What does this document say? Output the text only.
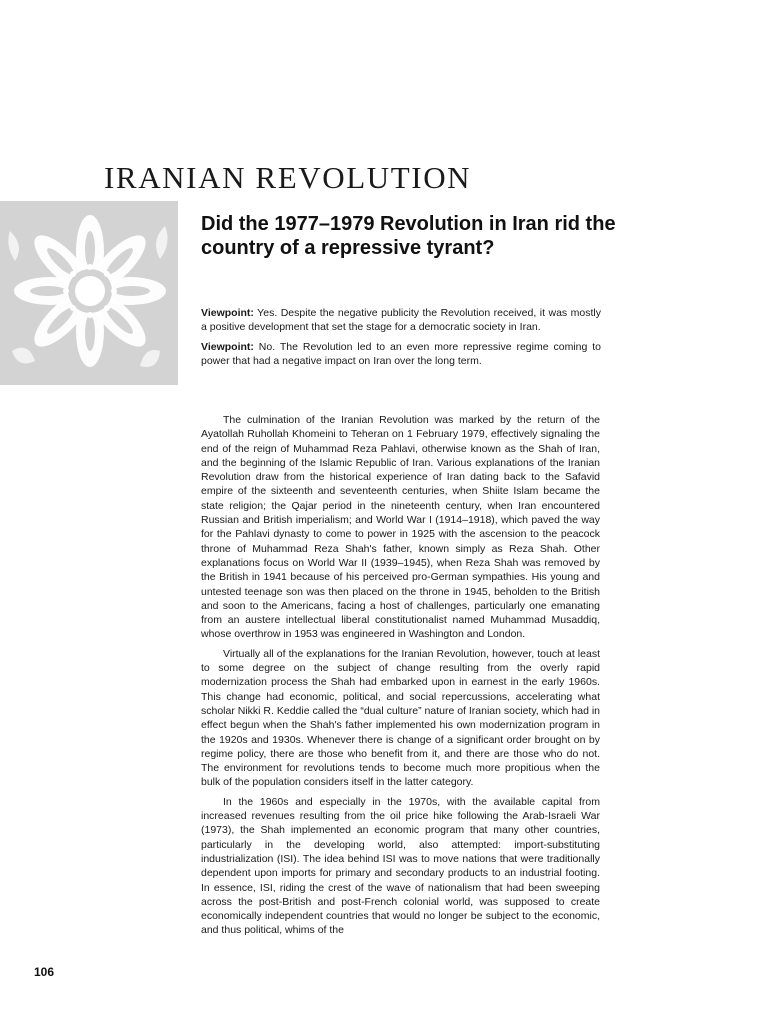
IRANIAN REVOLUTION
Did the 1977–1979 Revolution in Iran rid the country of a repressive tyrant?

Viewpoint: Yes. Despite the negative publicity the Revolution received, it was mostly a positive development that set the stage for a democratic society in Iran.

Viewpoint: No. The Revolution led to an even more repressive regime coming to power that had a negative impact on Iran over the long term.

The culmination of the Iranian Revolution was marked by the return of the Ayatollah Ruhollah Khomeini to Teheran on 1 February 1979, effectively signaling the end of the reign of Muhammad Reza Pahlavi, otherwise known as the Shah of Iran, and the beginning of the Islamic Republic of Iran. Various explanations of the Iranian Revolution draw from the historical experience of Iran dating back to the Safavid empire of the sixteenth and seventeenth centuries, when Shiite Islam became the state religion; the Qajar period in the nineteenth century, when Iran encountered Russian and British imperialism; and World War I (1914–1918), which paved the way for the Pahlavi dynasty to come to power in 1925 with the ascension to the peacock throne of Muhammad Reza Shah's father, known simply as Reza Shah. Other explanations focus on World War II (1939–1945), when Reza Shah was removed by the British in 1941 because of his perceived pro-German sympathies. His young and untested teenage son was then placed on the throne in 1945, beholden to the British and soon to the Americans, facing a host of challenges, particularly one emanating from an austere intellectual liberal constitutionalist named Muhammad Musaddiq, whose overthrow in 1953 was engineered in Washington and London.

Virtually all of the explanations for the Iranian Revolution, however, touch at least to some degree on the subject of change resulting from the overly rapid modernization process the Shah had embarked upon in earnest in the early 1960s. This change had economic, political, and social repercussions, accelerating what scholar Nikki R. Keddie called the “dual culture” nature of Iranian society, which had in effect begun when the Shah's father implemented his own modernization program in the 1920s and 1930s. Whenever there is change of a significant order brought on by regime policy, there are those who benefit from it, and there are those who do not. The environment for revolutions tends to become much more propitious when the bulk of the population considers itself in the latter category.

In the 1960s and especially in the 1970s, with the available capital from increased revenues resulting from the oil price hike following the Arab-Israeli War (1973), the Shah implemented an economic program that many other countries, particularly in the developing world, also attempted: import-substituting industrialization (ISI). The idea behind ISI was to move nations that were traditionally dependent upon imports for primary and secondary products to an industrial footing. In essence, ISI, riding the crest of the wave of nationalism that had been sweeping across the post-British and post-French colonial world, was supposed to create economically independent countries that would no longer be subject to the economic, and thus political, whims of the

106
